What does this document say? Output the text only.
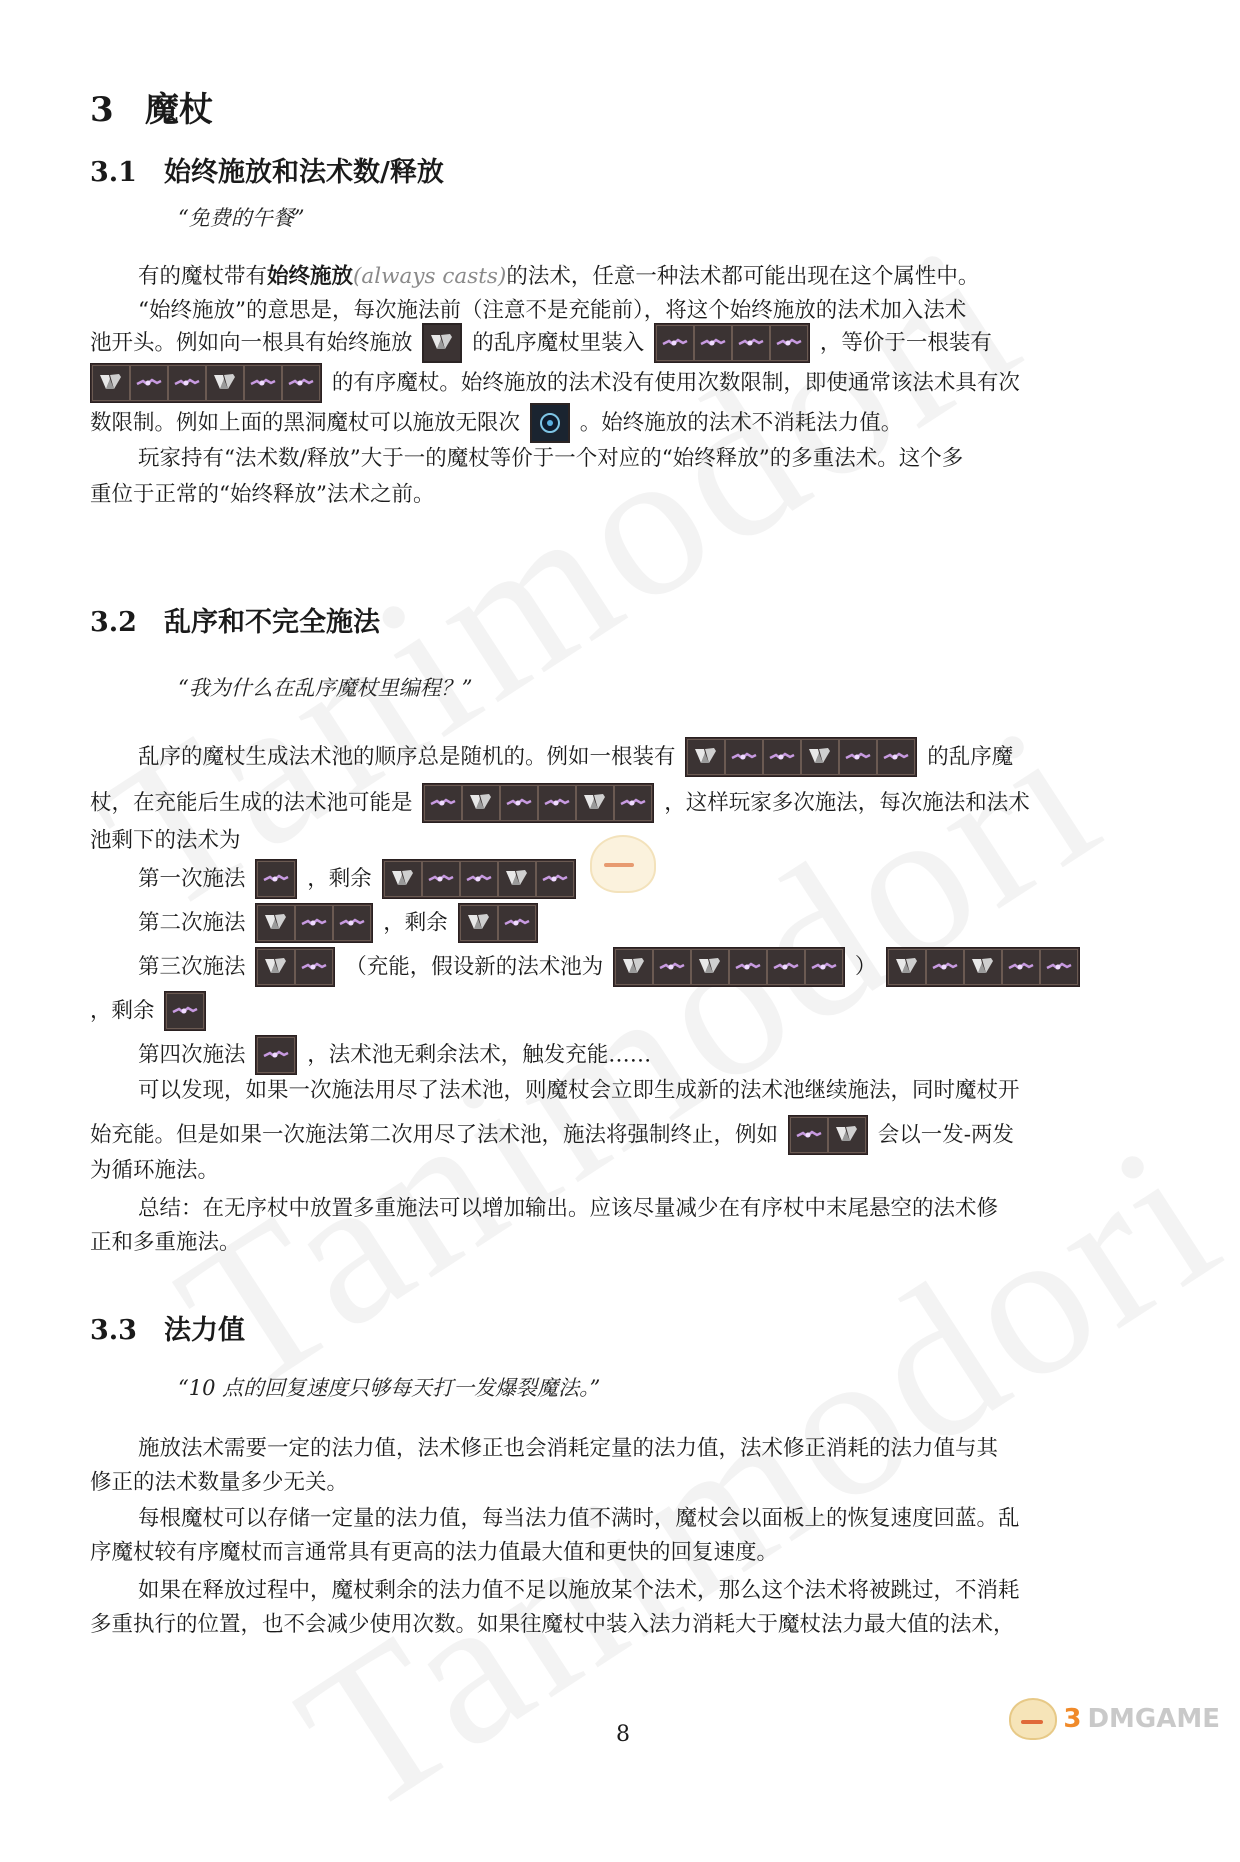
3 魔杖
3.1 始终施放和法术数/释放

“免费的午餐”

有的魔杖带有始终施放(always casts)的法术，任意一种法术都可能出现在这个属性中。

“始终施放”的意思是，每次施法前（注意不是充能前），将这个始终施放的法术加入法术

池开头。例如向一根具有始终施放	的乱序魔杖里装入	，等价于一根装有
的有序魔杖。始终施放的法术没有使用次数限制，即使通常该法术具有次
数限制。例如上面的黑洞魔杖可以施放无限次	。始终施放的法术不消耗法力值。

玩家持有“法术数/释放”大于一的魔杖等价于一个对应的“始终释放”的多重法术。这个多

重位于正常的“始终释放”法术之前。

3.2 乱序和不完全施法

“我为什么在乱序魔杖里编程？”

乱序的魔杖生成法术池的顺序总是随机的。例如一根装有	的乱序魔
杖，在充能后生成的法术池可能是	，这样玩家多次施法，每次施法和法术

池剩下的法术为

第一次施法	，剩余
第二次施法	，剩余
第三次施法	（充能，假设新的法术池为	）
，剩余
第四次施法	，法术池无剩余法术，触发充能……

可以发现，如果一次施法用尽了法术池，则魔杖会立即生成新的法术池继续施法，同时魔杖开

始充能。但是如果一次施法第二次用尽了法术池，施法将强制终止，例如	会以一发-两发

为循环施法。

总结：在无序杖中放置多重施法可以增加输出。应该尽量减少在有序杖中末尾悬空的法术修

正和多重施法。

3.3 法力值

“10 点的回复速度只够每天打一发爆裂魔法。”

施放法术需要一定的法力值，法术修正也会消耗定量的法力值，法术修正消耗的法力值与其

修正的法术数量多少无关。

每根魔杖可以存储一定量的法力值，每当法力值不满时，魔杖会以面板上的恢复速度回蓝。乱

序魔杖较有序魔杖而言通常具有更高的法力值最大值和更快的回复速度。

如果在释放过程中，魔杖剩余的法力值不足以施放某个法术，那么这个法术将被跳过，不消耗

多重执行的位置，也不会减少使用次数。如果往魔杖中装入法力消耗大于魔杖法力最大值的法术，

8
3 DMGAME
